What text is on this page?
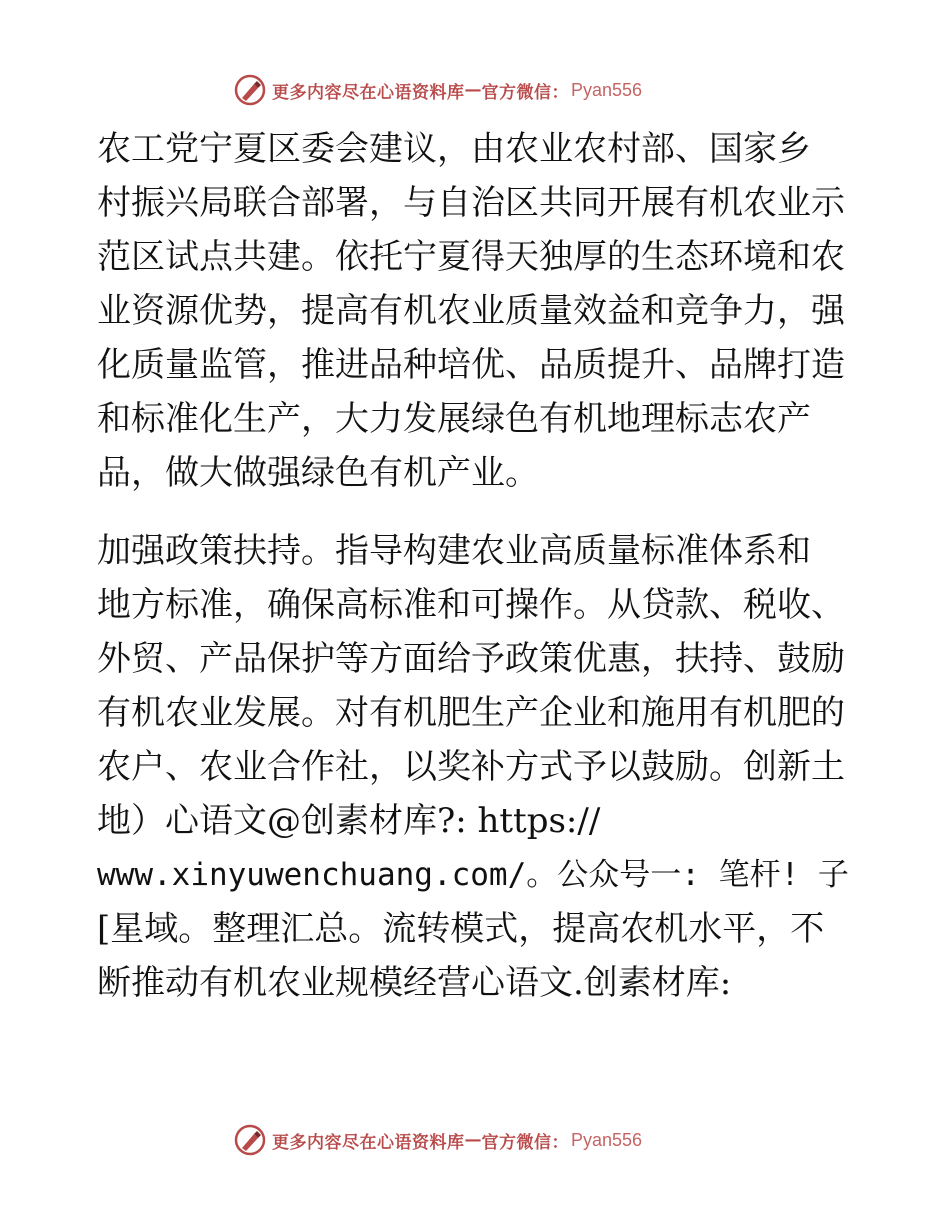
更多内容尽在心语资料库 — 官方微信： Pyan556
农工党宁夏区委会建议，由农业农村部、国家乡
村振兴局联合部署，与自治区共同开展有机农业示
范区试点共建。依托宁夏得天独厚的生态环境和农
业资源优势，提高有机农业质量效益和竞争力，强
化质量监管，推进品种培优、品质提升、品牌打造
和标准化生产，大力发展绿色有机地理标志农产
品，做大做强绿色有机产业。
加强政策扶持。指导构建农业高质量标准体系和
地方标准，确保高标准和可操作。从贷款、税收、
外贸、产品保护等方面给予政策优惠，扶持、鼓励
有机农业发展。对有机肥生产企业和施用有机肥的
农户、农业合作社，以奖补方式予以鼓励。创新土
地）心语文@创素材库?: https://
www.xinyuwenchuang.com/。公众号一: 笔杆! 子
[星域。整理汇总。流转模式，提高农机水平，不
断推动有机农业规模经营心语文.创素材库:
更多内容尽在心语资料库 — 官方微信： Pyan556
